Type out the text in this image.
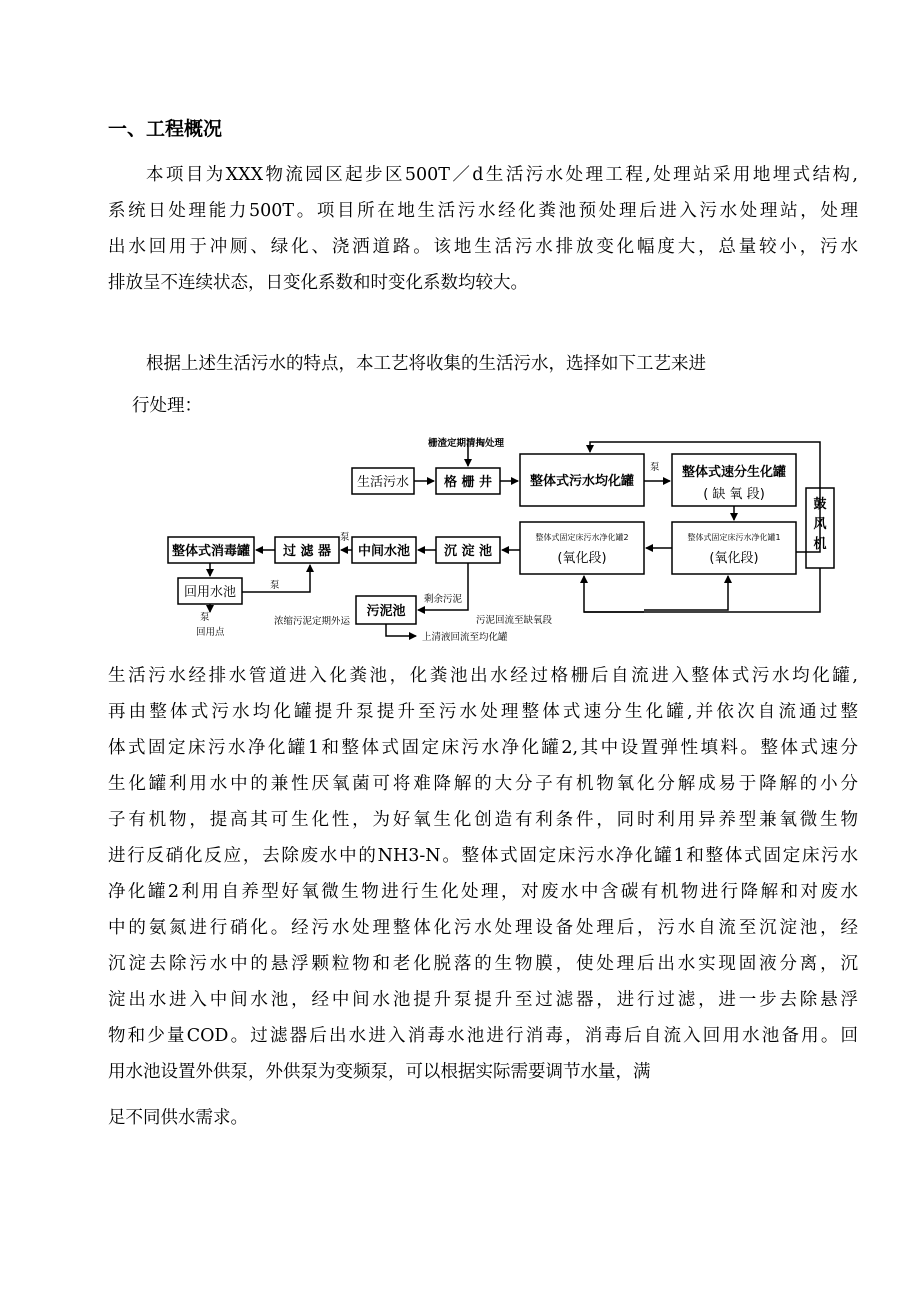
一、工程概况
本项目为XXX物流园区起步区500T／d生活污水处理工程,处理站采用地埋式结构,
系统日处理能力500T。项目所在地生活污水经化粪池预处理后进入污水处理站，处理
出水回用于冲厕、绿化、浇洒道路。该地生活污水排放变化幅度大，总量较小，污水
排放呈不连续状态，日变化系数和时变化系数均较大。
根据上述生活污水的特点，本工艺将收集的生活污水，选择如下工艺来进
行处理：
生活污水	格 栅 井	整体式污水均化罐
整体式速分生化罐
( 缺 氧 段)
鼓
风
机
整体式固定床污水净化罐2
(氧化段)
整体式固定床污水净化罐1
(氧化段)
沉 淀 池
中间水池
过 滤 器
整体式消毒罐
回用水池
污泥池
栅渣定期清掏处理
泵
泵
泵
泵
回用点
剩余污泥
污泥回流至缺氧段
浓缩污泥定期外运
上清液回流至均化罐
生活污水经排水管道进入化粪池，化粪池出水经过格栅后自流进入整体式污水均化罐,
再由整体式污水均化罐提升泵提升至污水处理整体式速分生化罐,并依次自流通过整
体式固定床污水净化罐1和整体式固定床污水净化罐2,其中设置弹性填料。整体式速分
生化罐利用水中的兼性厌氧菌可将难降解的大分子有机物氧化分解成易于降解的小分
子有机物，提高其可生化性，为好氧生化创造有利条件，同时利用异养型兼氧微生物
进行反硝化反应，去除废水中的NH3-N。整体式固定床污水净化罐1和整体式固定床污水
净化罐2利用自养型好氧微生物进行生化处理，对废水中含碳有机物进行降解和对废水
中的氨氮进行硝化。经污水处理整体化污水处理设备处理后，污水自流至沉淀池，经
沉淀去除污水中的悬浮颗粒物和老化脱落的生物膜，使处理后出水实现固液分离，沉
淀出水进入中间水池，经中间水池提升泵提升至过滤器，进行过滤，进一步去除悬浮
物和少量COD。过滤器后出水进入消毒水池进行消毒，消毒后自流入回用水池备用。回
用水池设置外供泵，外供泵为变频泵，可以根据实际需要调节水量，满
足不同供水需求。
